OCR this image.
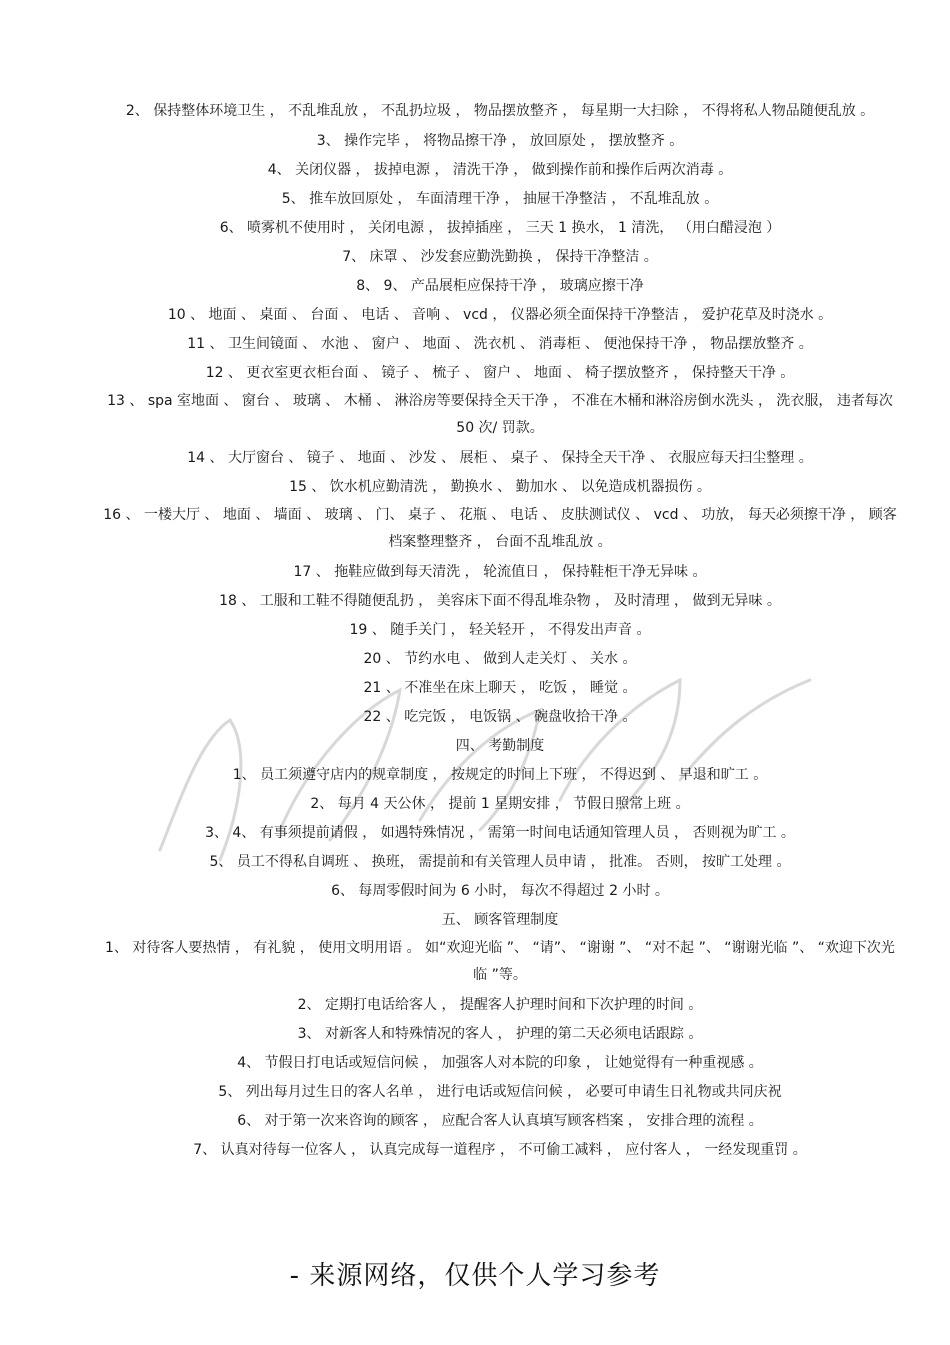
2、 保持整体环境卫生 ， 不乱堆乱放 ， 不乱扔垃圾 ， 物品摆放整齐 ， 每星期一大扫除 ， 不得将私人物品随便乱放 。
3、 操作完毕 ， 将物品擦干净 ， 放回原处 ， 摆放整齐 。
4、 关闭仪器 ， 拔掉电源 ， 清洗干净 ， 做到操作前和操作后两次消毒 。
5、 推车放回原处 ， 车面清理干净 ， 抽屉干净整洁 ， 不乱堆乱放 。
6、 喷雾机不使用时 ， 关闭电源 ， 拔掉插座 ， 三天 1 换水， 1 清洗， （用白醋浸泡 ）
7、 床罩 、 沙发套应勤洗勤换 ， 保持干净整洁 。
8、 9、 产品展柜应保持干净 ， 玻璃应擦干净
10 、 地面 、 桌面 、 台面 、 电话 、 音响 、 vcd ， 仪器必须全面保持干净整洁 ， 爱护花草及时浇水 。
11 、 卫生间镜面 、 水池 、 窗户 、 地面 、 洗衣机 、 消毒柜 、 便池保持干净 ， 物品摆放整齐 。
12 、 更衣室更衣柜台面 、 镜子 、 梳子 、 窗户 、 地面 、 椅子摆放整齐 ， 保持整天干净 。
13 、 spa 室地面 、 窗台 、 玻璃 、 木桶 、 淋浴房等要保持全天干净 ， 不准在木桶和淋浴房倒水洗头 ， 洗衣服， 违者每次 50 次/ 罚款。
14 、 大厅窗台 、 镜子 、 地面 、 沙发 、 展柜 、 桌子 、 保持全天干净 、 衣服应每天扫尘整理 。
15 、 饮水机应勤清洗 ， 勤换水 、 勤加水 、 以免造成机器损伤 。
16 、 一楼大厅 、 地面 、 墙面 、 玻璃 、 门、 桌子 、 花瓶 、 电话 、 皮肤测试仪 、 vcd 、 功放， 每天必须擦干净 ， 顾客档案整理整齐 ， 台面不乱堆乱放 。
17 、 拖鞋应做到每天清洗 ， 轮流值日 ， 保持鞋柜干净无异味 。
18 、 工服和工鞋不得随便乱扔 ， 美容床下面不得乱堆杂物 ， 及时清理 ， 做到无异味 。
19 、 随手关门 ， 轻关轻开 ， 不得发出声音 。
20 、 节约水电 、 做到人走关灯 、 关水 。
21 、 不准坐在床上聊天 ， 吃饭 ， 睡觉 。
22 、 吃完饭 ， 电饭锅 、 碗盘收拾干净 。
四、 考勤制度
1、 员工须遵守店内的规章制度 ， 按规定的时间上下班 ， 不得迟到 、 早退和旷工 。
2、 每月 4 天公休 ， 提前 1 星期安排 ， 节假日照常上班 。
3、 4、 有事须提前请假 ， 如遇特殊情况 ， 需第一时间电话通知管理人员 ， 否则视为旷工 。
5、 员工不得私自调班 、 换班， 需提前和有关管理人员申请 ， 批准。 否则， 按旷工处理 。
6、 每周零假时间为 6 小时， 每次不得超过 2 小时 。
五、 顾客管理制度
1、 对待客人要热情 ， 有礼貌 ， 使用文明用语 。 如“欢迎光临 ”、 “请”、 “谢谢 ”、 “对不起 ”、 “谢谢光临 ”、 “欢迎下次光临 ”等。
2、 定期打电话给客人 ， 提醒客人护理时间和下次护理的时间 。
3、 对新客人和特殊情况的客人 ， 护理的第二天必须电话跟踪 。
4、 节假日打电话或短信问候 ， 加强客人对本院的印象 ， 让她觉得有一种重视感 。
5、 列出每月过生日的客人名单 ， 进行电话或短信问候 ， 必要可申请生日礼物或共同庆祝
6、 对于第一次来咨询的顾客 ， 应配合客人认真填写顾客档案 ， 安排合理的流程 。
7、 认真对待每一位客人 ， 认真完成每一道程序 ， 不可偷工减料 ， 应付客人 ， 一经发现重罚 。
- 来源网络，仅供个人学习参考
